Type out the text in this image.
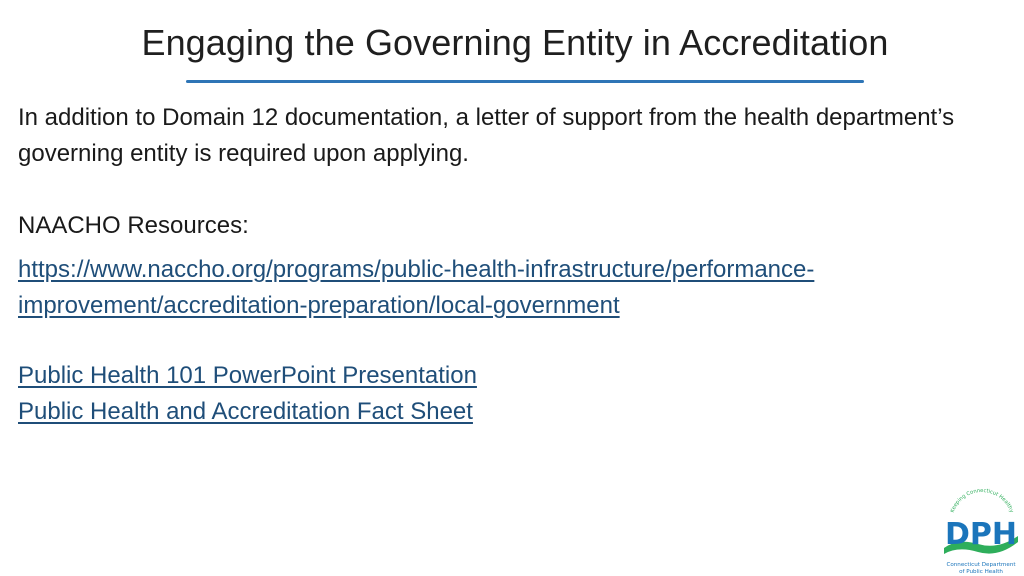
Engaging the Governing Entity in Accreditation

In addition to Domain 12 documentation, a letter of support from the health department’s governing entity is required upon applying.

NAACHO Resources:

https://www.naccho.org/programs/public-health-infrastructure/performance-improvement/accreditation-preparation/local-government

Public Health 101 PowerPoint Presentation

Public Health and Accreditation Fact Sheet

Keeping Connecticut Healthy
DPH
Connecticut Department
of Public Health
